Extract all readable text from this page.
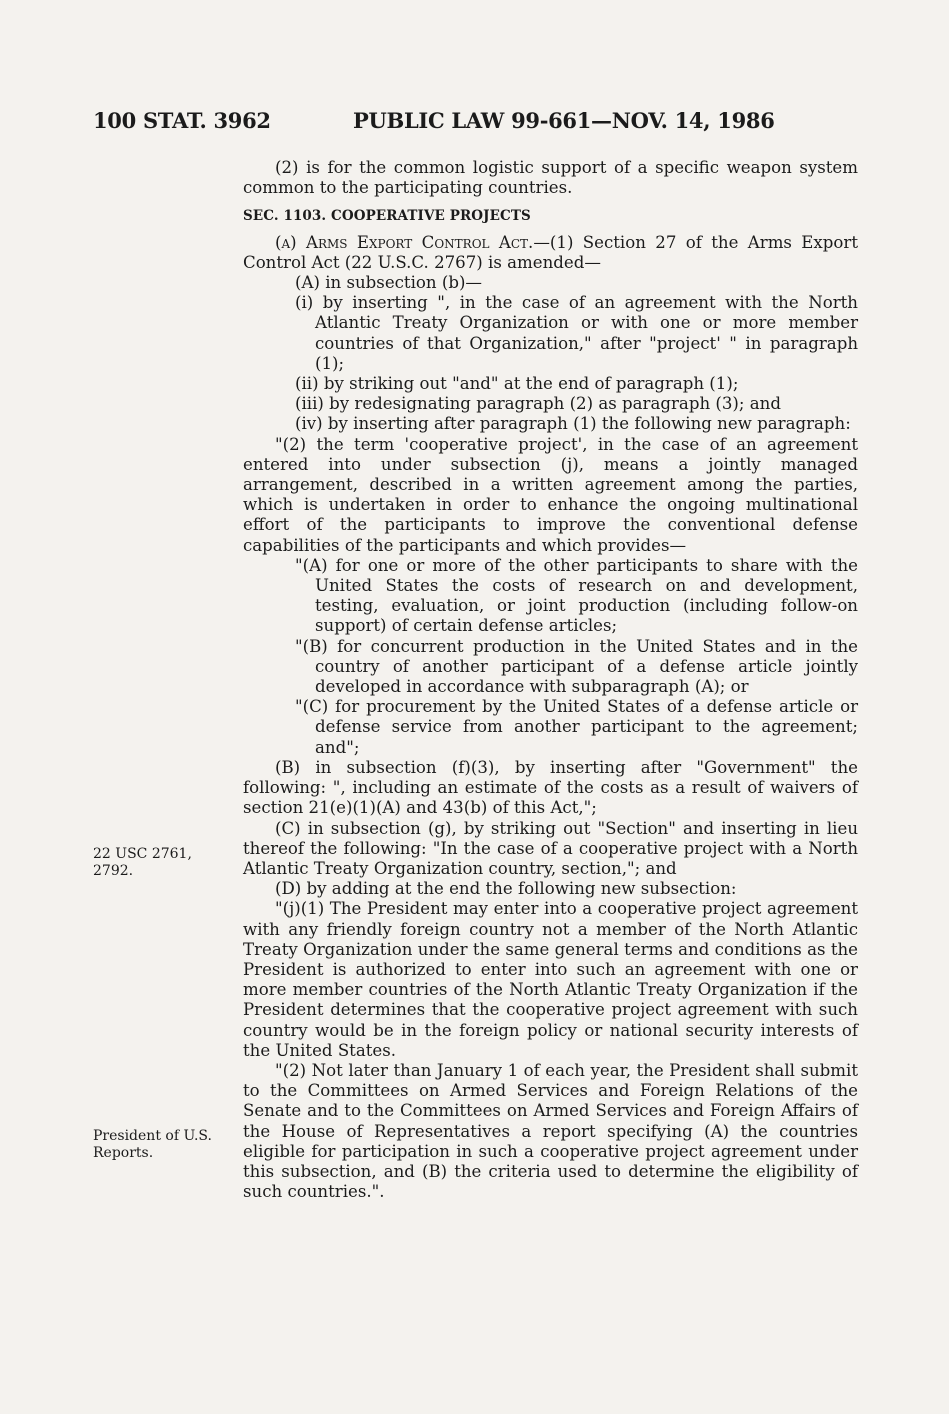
100 STAT. 3962	PUBLIC LAW 99-661—NOV. 14, 1986
22 USC 2761, 2792.
President of U.S. Reports.

(2) is for the common logistic support of a specific weapon system common to the participating countries.

SEC. 1103. COOPERATIVE PROJECTS

(a) Arms Export Control Act.—(1) Section 27 of the Arms Export Control Act (22 U.S.C. 2767) is amended—

(A) in subsection (b)—

(i) by inserting ", in the case of an agreement with the North Atlantic Treaty Organization or with one or more member countries of that Organization," after "project' " in paragraph (1);

(ii) by striking out "and" at the end of paragraph (1);

(iii) by redesignating paragraph (2) as paragraph (3); and

(iv) by inserting after paragraph (1) the following new paragraph:

"(2) the term 'cooperative project', in the case of an agreement entered into under subsection (j), means a jointly managed arrangement, described in a written agreement among the parties, which is undertaken in order to enhance the ongoing multinational effort of the participants to improve the conventional defense capabilities of the participants and which provides—

"(A) for one or more of the other participants to share with the United States the costs of research on and development, testing, evaluation, or joint production (including follow-on support) of certain defense articles;

"(B) for concurrent production in the United States and in the country of another participant of a defense article jointly developed in accordance with subparagraph (A); or

"(C) for procurement by the United States of a defense article or defense service from another participant to the agreement; and";

(B) in subsection (f)(3), by inserting after "Government" the following: ", including an estimate of the costs as a result of waivers of section 21(e)(1)(A) and 43(b) of this Act,";

(C) in subsection (g), by striking out "Section" and inserting in lieu thereof the following: "In the case of a cooperative project with a North Atlantic Treaty Organization country, section,"; and

(D) by adding at the end the following new subsection:

"(j)(1) The President may enter into a cooperative project agreement with any friendly foreign country not a member of the North Atlantic Treaty Organization under the same general terms and conditions as the President is authorized to enter into such an agreement with one or more member countries of the North Atlantic Treaty Organization if the President determines that the cooperative project agreement with such country would be in the foreign policy or national security interests of the United States.

"(2) Not later than January 1 of each year, the President shall submit to the Committees on Armed Services and Foreign Relations of the Senate and to the Committees on Armed Services and Foreign Affairs of the House of Representatives a report specifying (A) the countries eligible for participation in such a cooperative project agreement under this subsection, and (B) the criteria used to determine the eligibility of such countries.".
